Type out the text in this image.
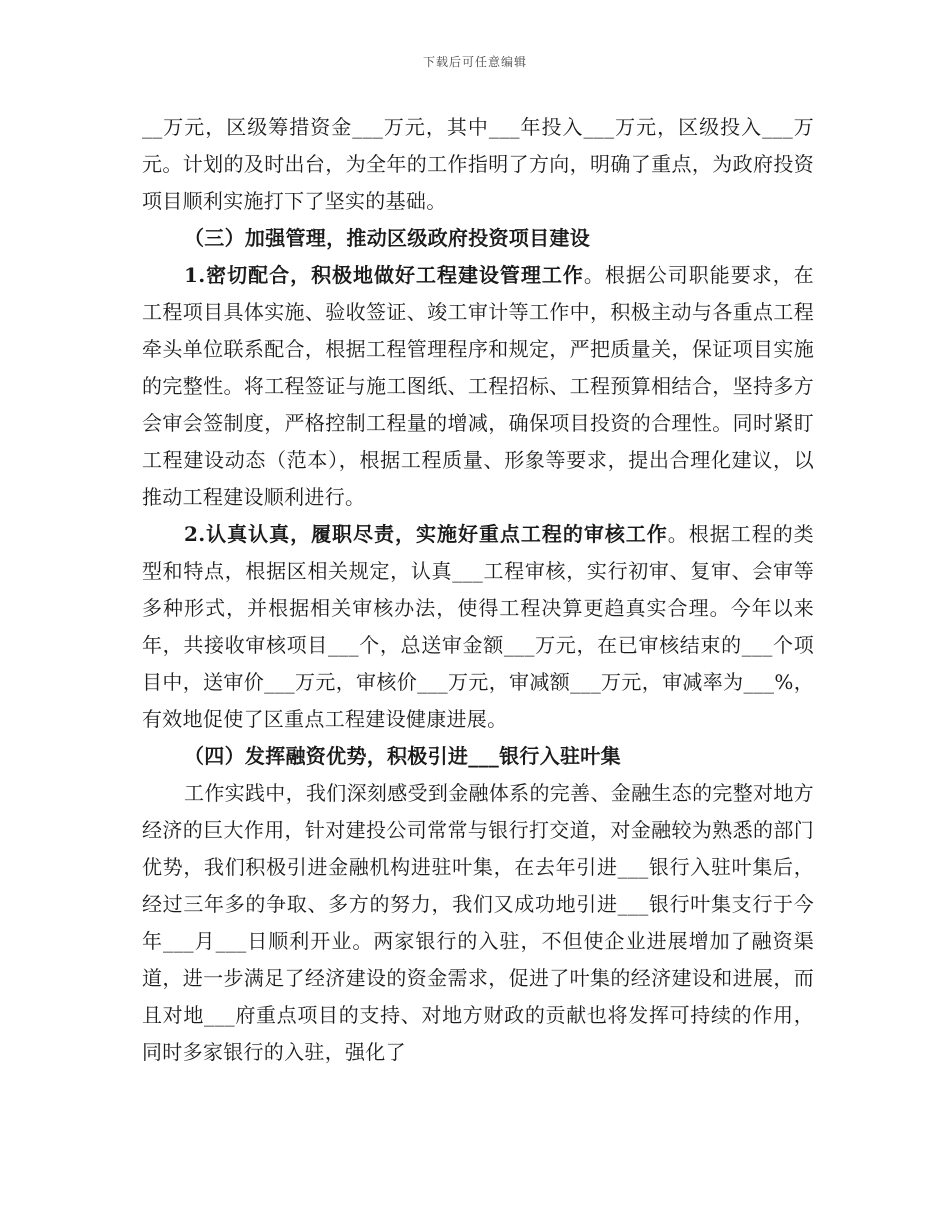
下载后可任意编辑

__万元，区级筹措资金___万元，其中___年投入___万元，区级投入___万元。计划的及时出台，为全年的工作指明了方向，明确了重点，为政府投资项目顺利实施打下了坚实的基础。

（三）加强管理，推动区级政府投资项目建设

1.密切配合，积极地做好工程建设管理工作。根据公司职能要求，在工程项目具体实施、验收签证、竣工审计等工作中，积极主动与各重点工程牵头单位联系配合，根据工程管理程序和规定，严把质量关，保证项目实施的完整性。将工程签证与施工图纸、工程招标、工程预算相结合，坚持多方会审会签制度，严格控制工程量的增减，确保项目投资的合理性。同时紧盯工程建设动态（范本），根据工程质量、形象等要求，提出合理化建议，以推动工程建设顺利进行。

2.认真认真，履职尽责，实施好重点工程的审核工作。根据工程的类型和特点，根据区相关规定，认真___工程审核，实行初审、复审、会审等多种形式，并根据相关审核办法，使得工程决算更趋真实合理。今年以来年，共接收审核项目___个，总送审金额___万元，在已审核结束的___个项目中，送审价___万元，审核价___万元，审减额___万元，审减率为___%，有效地促使了区重点工程建设健康进展。

（四）发挥融资优势，积极引进___银行入驻叶集

工作实践中，我们深刻感受到金融体系的完善、金融生态的完整对地方经济的巨大作用，针对建投公司常常与银行打交道，对金融较为熟悉的部门优势，我们积极引进金融机构进驻叶集，在去年引进___银行入驻叶集后，经过三年多的争取、多方的努力，我们又成功地引进___银行叶集支行于今年___月___日顺利开业。两家银行的入驻，不但使企业进展增加了融资渠道，进一步满足了经济建设的资金需求，促进了叶集的经济建设和进展，而且对地___府重点项目的支持、对地方财政的贡献也将发挥可持续的作用，同时多家银行的入驻，强化了
